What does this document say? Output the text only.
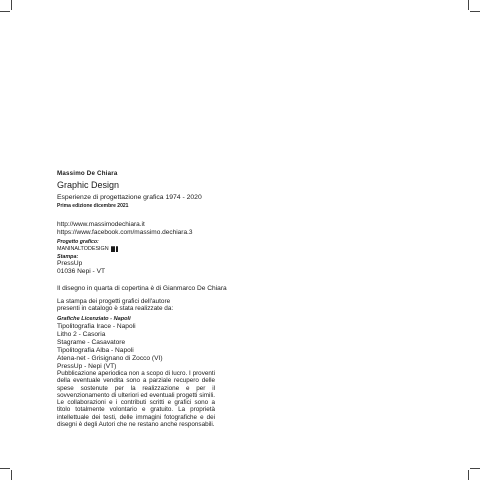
Massimo De Chiara
Graphic Design
Esperienze di progettazione grafica 1974 - 2020
Prima edizione dicembre 2021
http://www.massimodechiara.it
https://www.facebook.com/massimo.dechiara.3
Progetto grafico:
MANINALTODESIGN
Stampa:
PressUp
01036 Nepi - VT
Il disegno in quarta di copertina è di Gianmarco De Chiara
La stampa dei progetti grafici dell'autore
presenti in catalogo è stata realizzate da:
Grafiche Licenziato - Napoli
Tipolitografia Irace - Napoli
Litho 2 - Casoria
Stagrame - Casavatore
Tipolitografia Alba - Napoli
Atena-net - Grisignano di Zocco (VI)
PressUp - Nepi (VT)
Pubblicazione aperiodica non a scopo di lucro. I proventi della eventuale vendita sono a parziale recupero delle spese sostenute per la realizzazione e per il sovvenzionamento di ulteriori ed eventuali progetti simili. Le collaborazioni e i contributi scritti e grafici sono a titolo totalmente volontario e gratuito. La proprietà intellettuale dei testi, delle immagini fotografiche e dei disegni è degli Autori che ne restano anche responsabili.
